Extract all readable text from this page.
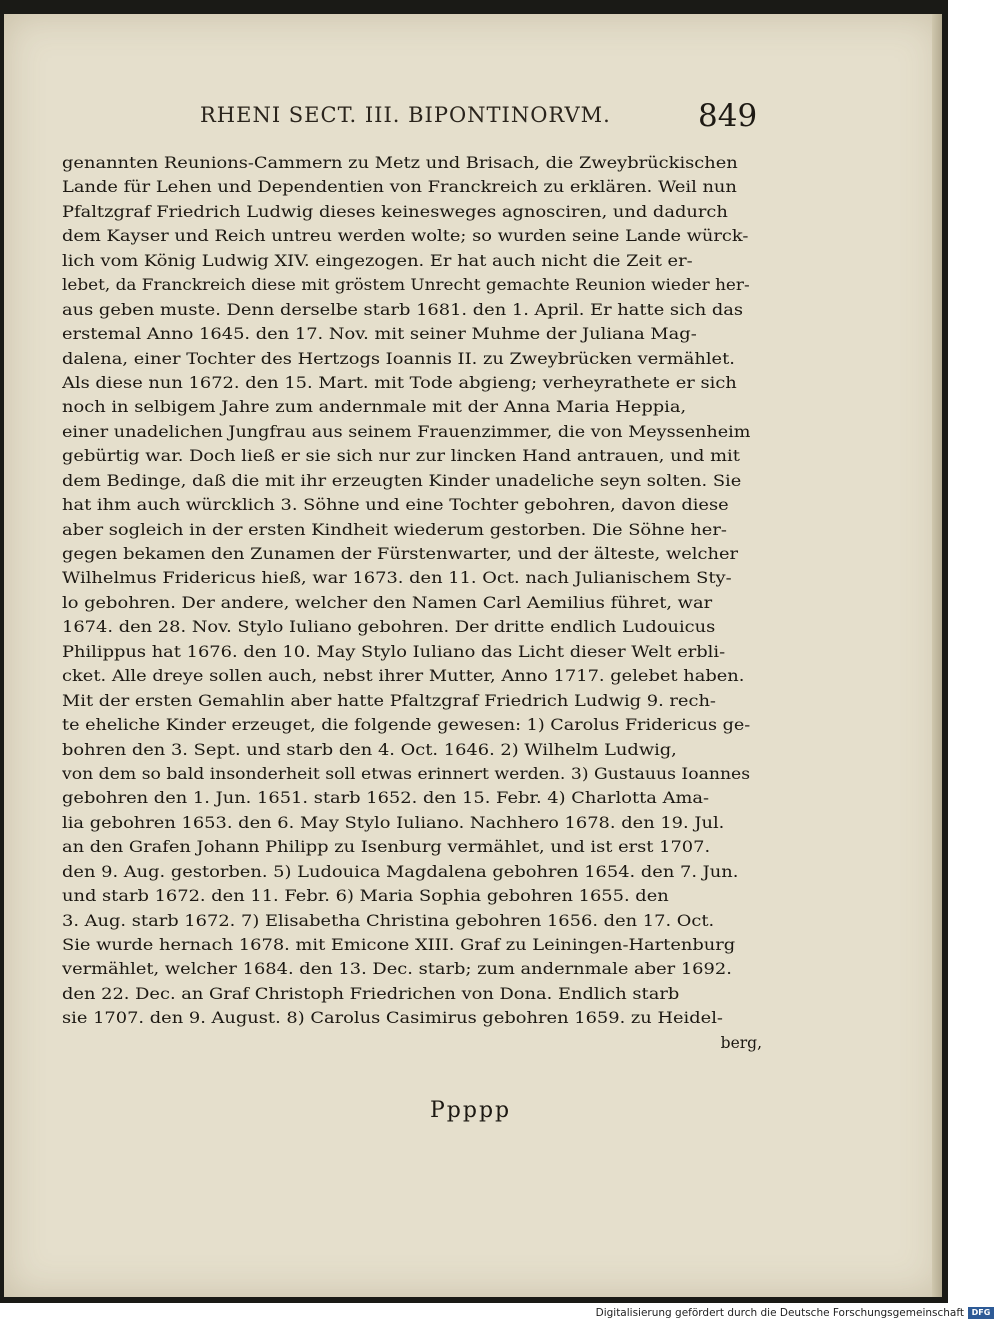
RHENI SECT. III. BIPONTINORVM.	849
genannten Reunions-Cammern zu Metz und Brisach, die Zweybrückischen
Lande für Lehen und Dependentien von Franckreich zu erklären. Weil nun
Pfaltzgraf Friedrich Ludwig dieses keinesweges agnosciren, und dadurch
dem Kayser und Reich untreu werden wolte; so wurden seine Lande würck-
lich vom König Ludwig XIV. eingezogen. Er hat auch nicht die Zeit er-
lebet, da Franckreich diese mit gröstem Unrecht gemachte Reunion wieder her-
aus geben muste. Denn derselbe starb 1681. den 1. April. Er hatte sich das
erstemal Anno 1645. den 17. Nov. mit seiner Muhme der Juliana Mag-
dalena, einer Tochter des Hertzogs Ioannis II. zu Zweybrücken vermählet.
Als diese nun 1672. den 15. Mart. mit Tode abgieng; verheyrathete er sich
noch in selbigem Jahre zum andernmale mit der Anna Maria Heppia,
einer unadelichen Jungfrau aus seinem Frauenzimmer, die von Meyssenheim
gebürtig war. Doch ließ er sie sich nur zur lincken Hand antrauen, und mit
dem Bedinge, daß die mit ihr erzeugten Kinder unadeliche seyn solten. Sie
hat ihm auch würcklich 3. Söhne und eine Tochter gebohren, davon diese
aber sogleich in der ersten Kindheit wiederum gestorben. Die Söhne her-
gegen bekamen den Zunamen der Fürstenwarter, und der älteste, welcher
Wilhelmus Fridericus hieß, war 1673. den 11. Oct. nach Julianischem Sty-
lo gebohren. Der andere, welcher den Namen Carl Aemilius führet, war
1674. den 28. Nov. Stylo Iuliano gebohren. Der dritte endlich Ludouicus
Philippus hat 1676. den 10. May Stylo Iuliano das Licht dieser Welt erbli-
cket. Alle dreye sollen auch, nebst ihrer Mutter, Anno 1717. gelebet haben.
Mit der ersten Gemahlin aber hatte Pfaltzgraf Friedrich Ludwig 9. rech-
te eheliche Kinder erzeuget, die folgende gewesen: 1) Carolus Fridericus ge-
bohren den 3. Sept. und starb den 4. Oct. 1646. 2) Wilhelm Ludwig,
von dem so bald insonderheit soll etwas erinnert werden. 3) Gustauus Ioannes
gebohren den 1. Jun. 1651. starb 1652. den 15. Febr. 4) Charlotta Ama-
lia gebohren 1653. den 6. May Stylo Iuliano. Nachhero 1678. den 19. Jul.
an den Grafen Johann Philipp zu Isenburg vermählet, und ist erst 1707.
den 9. Aug. gestorben. 5) Ludouica Magdalena gebohren 1654. den 7. Jun.
und starb 1672. den 11. Febr. 6) Maria Sophia gebohren 1655. den
3. Aug. starb 1672. 7) Elisabetha Christina gebohren 1656. den 17. Oct.
Sie wurde hernach 1678. mit Emicone XIII. Graf zu Leiningen-Hartenburg
vermählet, welcher 1684. den 13. Dec. starb; zum andernmale aber 1692.
den 22. Dec. an Graf Christoph Friedrichen von Dona. Endlich starb
sie 1707. den 9. August. 8) Carolus Casimirus gebohren 1659. zu Heidel-
berg,
Ppppp
Digitalisierung gefördert durch die Deutsche Forschungsgemeinschaft DFG
